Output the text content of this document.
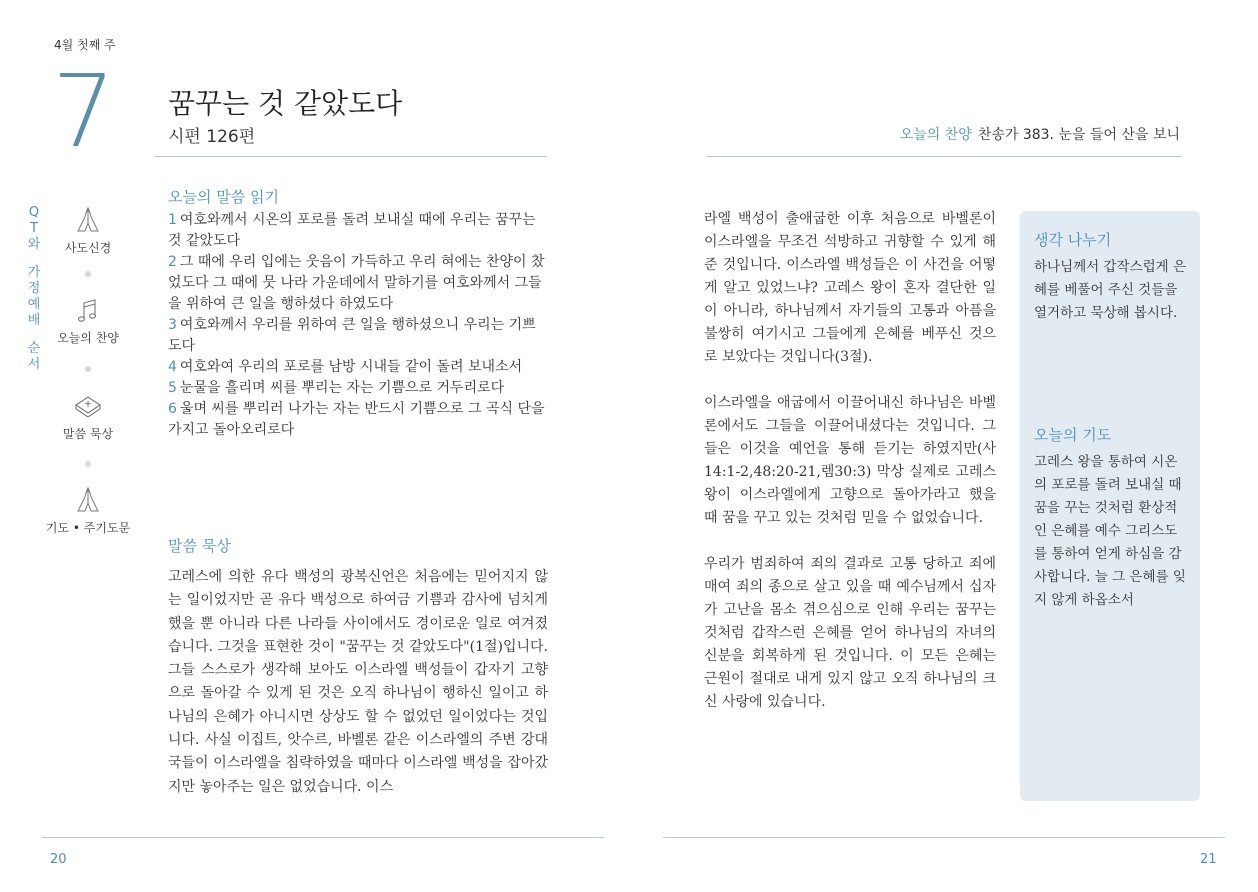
4월 첫째 주
7 꿈꾸는 것 같았도다
시편 126편
Q
T
와
가
정
예
배
순
서
사도신경
오늘의 찬양
말씀 묵상
기도 • 주기도문
오늘의 말씀 읽기

1 여호와께서 시온의 포로를 돌려 보내실 때에 우리는 꿈꾸는 것 같았도다

2 그 때에 우리 입에는 웃음이 가득하고 우리 혀에는 찬양이 찼었도다 그 때에 뭇 나라 가운데에서 말하기를 여호와께서 그들을 위하여 큰 일을 행하셨다 하였도다

3 여호와께서 우리를 위하여 큰 일을 행하셨으니 우리는 기쁘도다

4 여호와여 우리의 포로를 남방 시내들 같이 돌려 보내소서

5 눈물을 흘리며 씨를 뿌리는 자는 기쁨으로 거두리로다

6 울며 씨를 뿌리러 나가는 자는 반드시 기쁨으로 그 곡식 단을 가지고 돌아오리로다

말씀 묵상
고레스에 의한 유다 백성의 광복신언은 처음에는 믿어지지 않는 일이었지만 곧 유다 백성으로 하여금 기쁨과 감사에 넘치게 했을 뿐 아니라 다른 나라들 사이에서도 경이로운 일로 여겨졌습니다. 그것을 표현한 것이 "꿈꾸는 것 같았도다"(1절)입니다. 그들 스스로가 생각해 보아도 이스라엘 백성들이 갑자기 고향으로 돌아갈 수 있게 된 것은 오직 하나님이 행하신 일이고 하나님의 은혜가 아니시면 상상도 할 수 없었던 일이었다는 것입니다. 사실 이집트, 앗수르, 바벨론 같은 이스라엘의 주변 강대국들이 이스라엘을 침략하였을 때마다 이스라엘 백성을 잡아갔지만 놓아주는 일은 없었습니다. 이스
20
오늘의 찬양 찬송가 383. 눈을 들어 산을 보니

라엘 백성이 출애굽한 이후 처음으로 바벨론이 이스라엘을 무조건 석방하고 귀향할 수 있게 해 준 것입니다. 이스라엘 백성들은 이 사건을 어떻게 알고 있었느냐? 고레스 왕이 혼자 결단한 일이 아니라, 하나님께서 자기들의 고통과 아픔을 불쌍히 여기시고 그들에게 은혜를 베푸신 것으로 보았다는 것입니다(3절).

이스라엘을 애굽에서 이끌어내신 하나님은 바벨론에서도 그들을 이끌어내셨다는 것입니다. 그들은 이것을 예언을 통해 듣기는 하였지만(사14:1-2,48:20-21,렘30:3) 막상 실제로 고레스 왕이 이스라엘에게 고향으로 돌아가라고 했을 때 꿈을 꾸고 있는 것처럼 믿을 수 없었습니다.

우리가 범죄하여 죄의 결과로 고통 당하고 죄에 매여 죄의 종으로 살고 있을 때 예수님께서 십자가 고난을 몸소 겪으심으로 인해 우리는 꿈꾸는 것처럼 갑작스런 은혜를 얻어 하나님의 자녀의 신분을 회복하게 된 것입니다. 이 모든 은혜는 근원이 절대로 내게 있지 않고 오직 하나님의 크신 사랑에 있습니다.

생각 나누기
하나님께서 갑작스럽게 은혜를 베풀어 주신 것들을 열거하고 묵상해 봅시다.
오늘의 기도
고레스 왕을 통하여 시온의 포로를 돌려 보내실 때 꿈을 꾸는 것처럼 환상적인 은혜를 예수 그리스도를 통하여 얻게 하심을 감사합니다. 늘 그 은혜를 잊지 않게 하옵소서
21
